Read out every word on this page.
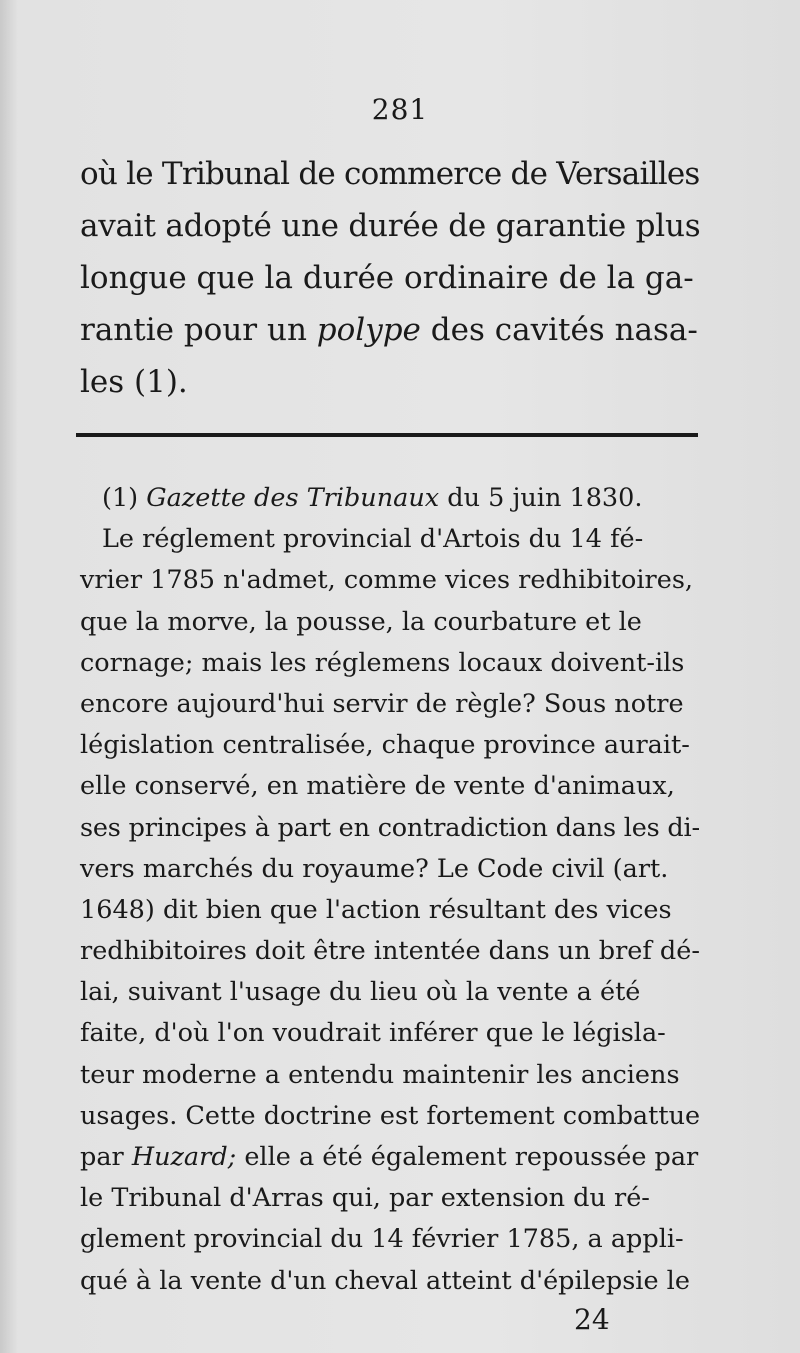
281
où le Tribunal de commerce de Versailles
avait adopté une durée de garantie plus
longue que la durée ordinaire de la ga-
rantie pour un polype des cavités nasa-
les (1).
(1) Gazette des Tribunaux du 5 juin 1830.
Le réglement provincial d'Artois du 14 fé-
vrier 1785 n'admet, comme vices redhibitoires,
que la morve, la pousse, la courbature et le
cornage; mais les réglemens locaux doivent-ils
encore aujourd'hui servir de règle? Sous notre
législation centralisée, chaque province aurait-
elle conservé, en matière de vente d'animaux,
ses principes à part en contradiction dans les di-
vers marchés du royaume? Le Code civil (art.
1648) dit bien que l'action résultant des vices
redhibitoires doit être intentée dans un bref dé-
lai, suivant l'usage du lieu où la vente a été
faite, d'où l'on voudrait inférer que le législa-
teur moderne a entendu maintenir les anciens
usages. Cette doctrine est fortement combattue
par Huzard; elle a été également repoussée par
le Tribunal d'Arras qui, par extension du ré-
glement provincial du 14 février 1785, a appli-
qué à la vente d'un cheval atteint d'épilepsie le
24
